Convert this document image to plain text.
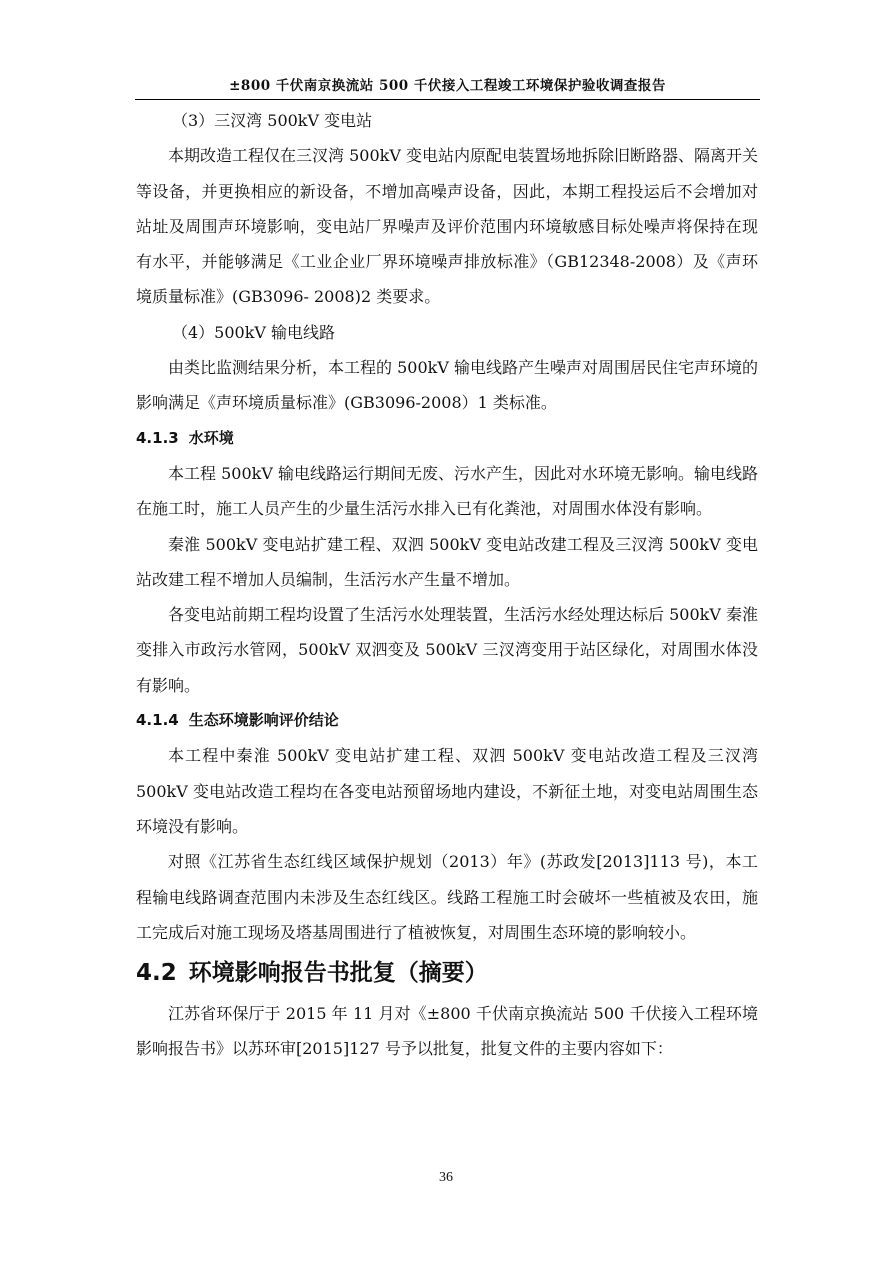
±800 千伏南京换流站 500 千伏接入工程竣工环境保护验收调查报告

（3）三汊湾 500kV 变电站

本期改造工程仅在三汊湾 500kV 变电站内原配电装置场地拆除旧断路器、隔离开关等设备，并更换相应的新设备，不增加高噪声设备，因此，本期工程投运后不会增加对站址及周围声环境影响，变电站厂界噪声及评价范围内环境敏感目标处噪声将保持在现有水平，并能够满足《工业企业厂界环境噪声排放标准》（GB12348-2008）及《声环境质量标准》(GB3096- 2008)2 类要求。

（4）500kV 输电线路

由类比监测结果分析，本工程的 500kV 输电线路产生噪声对周围居民住宅声环境的影响满足《声环境质量标准》(GB3096-2008）1 类标准。

4.1.3 水环境

本工程 500kV 输电线路运行期间无废、污水产生，因此对水环境无影响。输电线路在施工时，施工人员产生的少量生活污水排入已有化粪池，对周围水体没有影响。

秦淮 500kV 变电站扩建工程、双泗 500kV 变电站改建工程及三汊湾 500kV 变电站改建工程不增加人员编制，生活污水产生量不增加。

各变电站前期工程均设置了生活污水处理装置，生活污水经处理达标后 500kV 秦淮变排入市政污水管网，500kV 双泗变及 500kV 三汊湾变用于站区绿化，对周围水体没有影响。

4.1.4 生态环境影响评价结论

本工程中秦淮 500kV 变电站扩建工程、双泗 500kV 变电站改造工程及三汊湾 500kV 变电站改造工程均在各变电站预留场地内建设，不新征土地，对变电站周围生态环境没有影响。

对照《江苏省生态红线区域保护规划（2013）年》(苏政发[2013]113 号)，本工程输电线路调查范围内未涉及生态红线区。线路工程施工时会破坏一些植被及农田，施工完成后对施工现场及塔基周围进行了植被恢复，对周围生态环境的影响较小。

4.2 环境影响报告书批复（摘要）

江苏省环保厅于 2015 年 11 月对《±800 千伏南京换流站 500 千伏接入工程环境影响报告书》以苏环审[2015]127 号予以批复，批复文件的主要内容如下：

36
